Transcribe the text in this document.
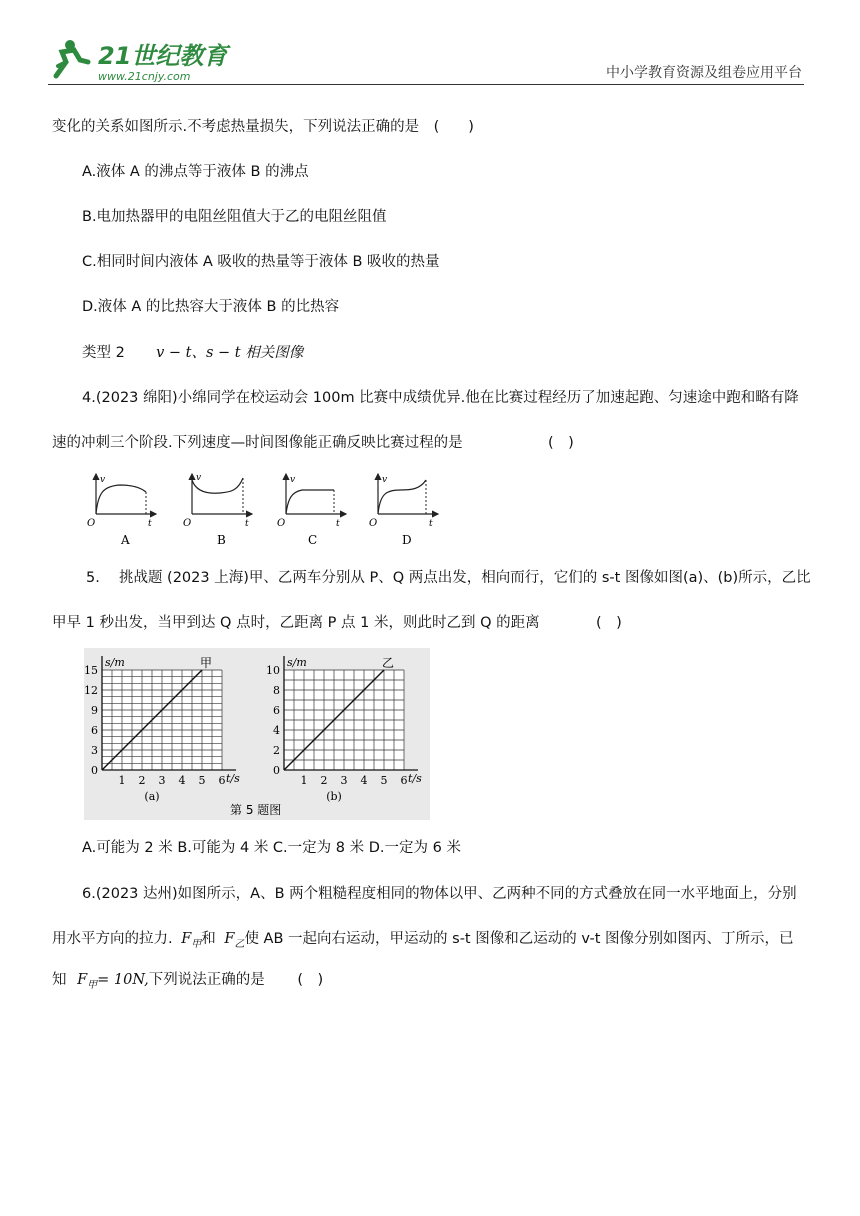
21世纪教育
www.21cnjy.com	中小学教育资源及组卷应用平台
变化的关系如图所示.不考虑热量损失，下列说法正确的是　(　　)
A.液体 A 的沸点等于液体 B 的沸点
B.电加热器甲的电阻丝阻值大于乙的电阻丝阻值
C.相同时间内液体 A 吸收的热量等于液体 B 吸收的热量
D.液体 A 的比热容大于液体 B 的比热容
类型 2 v − t、s − t 相关图像
4.(2023 绵阳)小绵同学在校运动会 100m 比赛中成绩优异.他在比赛过程经历了加速起跑、匀速途中跑和略有降
速的冲刺三个阶段.下列速度—时间图像能正确反映比赛过程的是	(　)
v
t
O
A
v
t
O
B
v
t
O
C
v
t
O
D
5.　 挑战题 (2023 上海)甲、乙两车分别从 P、Q 两点出发，相向而行，它们的 s-t 图像如图(a)、(b)所示，乙比
甲早 1 秒出发，当甲到达 Q 点时，乙距离 P 点 1 米，则此时乙到 Q 的距离	(　)
3
6
9
12
15
0
1 2 3 4 5 6
s/m
t/s
甲
(a)
2
4
6
8
10
0
1 2 3 4 5 6
s/m
t/s
乙
(b)
第 5 题图
A.可能为 2 米 B.可能为 4 米 C.一定为 8 米 D.一定为 6 米
6.(2023 达州)如图所示，A、B 两个粗糙程度相同的物体以甲、乙两种不同的方式叠放在同一水平地面上，分别
用水平方向的拉力. $F_甲$和 $F_乙$使 AB 一起向右运动，甲运动的 s-t 图像和乙运动的 v-t 图像分别如图丙、丁所示，已
知 $F_甲= 10N$,下列说法正确的是 (　)
